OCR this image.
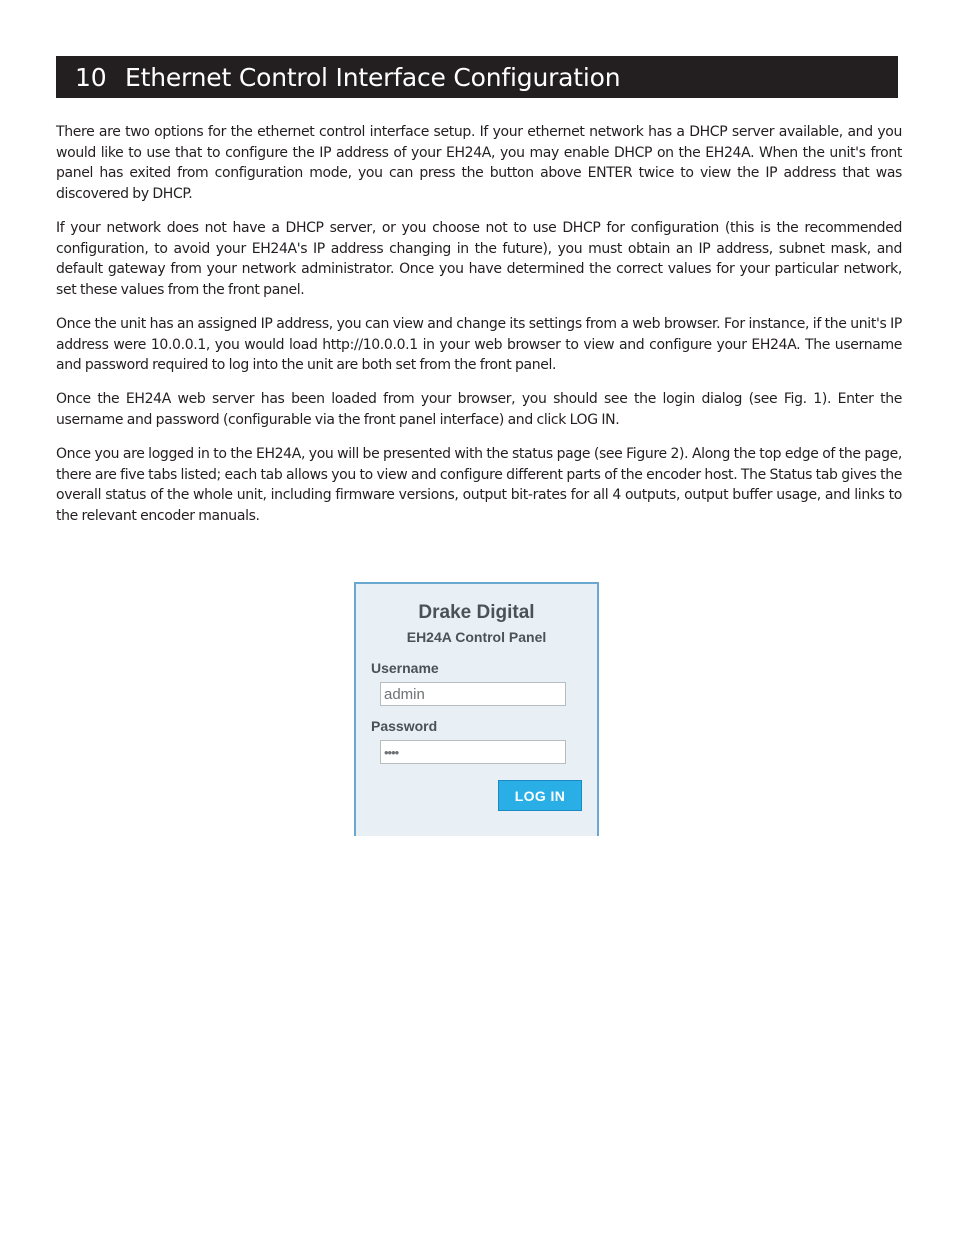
10 Ethernet Control Interface Configuration

There are two options for the ethernet control interface setup. If your ethernet network has a DHCP server available, and you would like to use that to configure the IP address of your EH24A, you may enable DHCP on the EH24A. When the unit's front panel has exited from configuration mode, you can press the button above ENTER twice to view the IP address that was discovered by DHCP.

If your network does not have a DHCP server, or you choose not to use DHCP for configuration (this is the recommended configuration, to avoid your EH24A's IP address changing in the future), you must obtain an IP address, subnet mask, and default gateway from your network administrator. Once you have determined the correct values for your particular network, set these values from the front panel.

Once the unit has an assigned IP address, you can view and change its settings from a web browser. For instance, if the unit's IP address were 10.0.0.1, you would load http://10.0.0.1 in your web browser to view and configure your EH24A. The username and password required to log into the unit are both set from the front panel.

Once the EH24A web server has been loaded from your browser, you should see the login dialog (see Fig. 1). Enter the username and password (configurable via the front panel interface) and click LOG IN.

Once you are logged in to the EH24A, you will be presented with the status page (see Figure 2). Along the top edge of the page, there are five tabs listed; each tab allows you to view and configure different parts of the encoder host. The Status tab gives the overall status of the whole unit, including firmware versions, output bit-rates for all 4 outputs, output buffer usage, and links to the relevant encoder manuals.

Drake Digital
EH24A Control Panel
Username
admin
Password
••••
LOG IN
